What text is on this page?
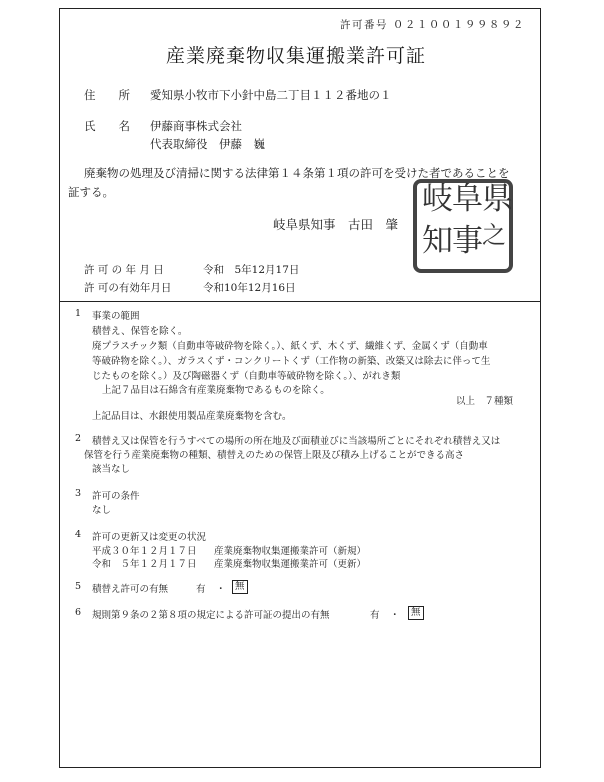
許可番号 ０２１００１９９８９２
産業廃棄物収集運搬業許可証
住　　所 愛知県小牧市下小針中島二丁目１１２番地の１
氏　　名 伊藤商事株式会社
代表取締役　伊藤　巍
廃棄物の処理及び清掃に関する法律第１４条第１項の許可を受けた者であることを
証する。
岐阜県知事　古田　肇
県
阜
岐
之
事
知
許 可 の 年 月 日	令和　5年12月17日
許 可の有効年月日	令和10年12月16日
1 事業の範囲
積替え、保管を除く。
廃プラスチック類（自動車等破砕物を除く。）、紙くず、木くず、繊維くず、金属くず（自動車
等破砕物を除く。）、ガラスくず・コンクリートくず（工作物の新築、改築又は除去に伴って生
じたものを除く。）及び陶磁器くず（自動車等破砕物を除く。）、がれき類
上記７品目は石綿含有産業廃棄物であるものを除く。
以上　７種類
上記品目は、水銀使用製品産業廃棄物を含む。
2 積替え又は保管を行うすべての場所の所在地及び面積並びに当該場所ごとにそれぞれ積替え又は
保管を行う産業廃棄物の種類、積替えのための保管上限及び積み上げることができる高さ
該当なし
3 許可の条件
なし
4 許可の更新又は変更の状況
平成３０年１２月１７日 産業廃棄物収集運搬業許可（新規）
令和　５年１２月１７日 産業廃棄物収集運搬業許可（更新）
5 積替え許可の有無	有 ・ 無
6 規則第９条の２第８項の規定による許可証の提出の有無	有 ・	無
